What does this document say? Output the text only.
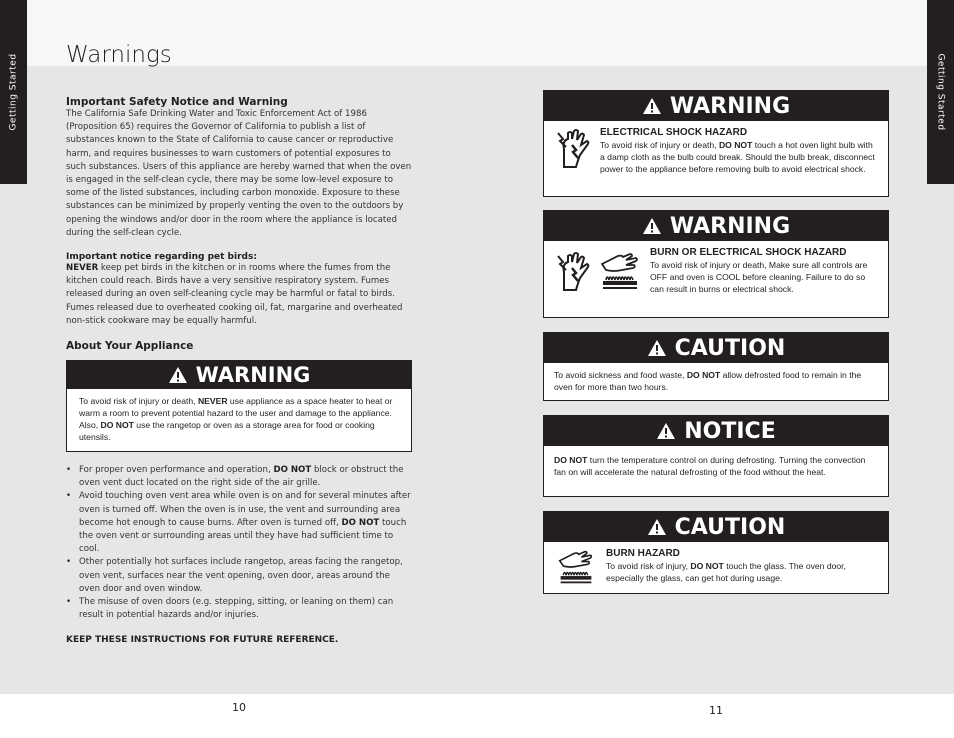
Getting Started	Getting Started
Warnings
Important Safety Notice and Warning
The California Safe Drinking Water and Toxic Enforcement Act of 1986 (Proposition 65) requires the Governor of California to publish a list of substances known to the State of California to cause cancer or reproductive harm, and requires businesses to warn customers of potential exposures to such substances. Users of this appliance are hereby warned that when the oven is engaged in the self-clean cycle, there may be some low-level exposure to some of the listed substances, including carbon monoxide. Exposure to these substances can be minimized by properly venting the oven to the outdoors by opening the windows and/or door in the room where the appliance is located during the self-clean cycle.
Important notice regarding pet birds:
NEVER keep pet birds in the kitchen or in rooms where the fumes from the kitchen could reach. Birds have a very sensitive respiratory system. Fumes released during an oven self-cleaning cycle may be harmful or fatal to birds. Fumes released due to overheated cooking oil, fat, margarine and overheated non-stick cookware may be equally harmful.
About Your Appliance
WARNING
To avoid risk of injury or death, NEVER use appliance as a space heater to heat or warm a room to prevent potential hazard to the user and damage to the appliance. Also, DO NOT use the rangetop or oven as a storage area for food or cooking utensils.
• For proper oven performance and operation, DO NOT block or obstruct the oven vent duct located on the right side of the air grille.
• Avoid touching oven vent area while oven is on and for several minutes after oven is turned off. When the oven is in use, the vent and surrounding area become hot enough to cause burns. After oven is turned off, DO NOT touch the oven vent or surrounding areas until they have had sufficient time to cool.
• Other potentially hot surfaces include rangetop, areas facing the rangetop, oven vent, surfaces near the vent opening, oven door, areas around the oven door and oven window.
• The misuse of oven doors (e.g. stepping, sitting, or leaning on them) can result in potential hazards and/or injuries.
KEEP THESE INSTRUCTIONS FOR FUTURE REFERENCE.
WARNING
ELECTRICAL SHOCK HAZARD
To avoid risk of injury or death, DO NOT touch a hot oven light bulb with a damp cloth as the bulb could break. Should the bulb break, disconnect power to the appliance before removing bulb to avoid electrical shock.
WARNING
BURN OR ELECTRICAL SHOCK HAZARD
To avoid risk of injury or death, Make sure all controls are OFF and oven is COOL before cleaning. Failure to do so can result in burns or electrical shock.
CAUTION
To avoid sickness and food waste, DO NOT allow defrosted food to remain in the oven for more than two hours.
NOTICE
DO NOT turn the temperature control on during defrosting. Turning the convection fan on will accelerate the natural defrosting of the food without the heat.
CAUTION
BURN HAZARD
To avoid risk of injury, DO NOT touch the glass. The oven door, especially the glass, can get hot during usage.
10	11
